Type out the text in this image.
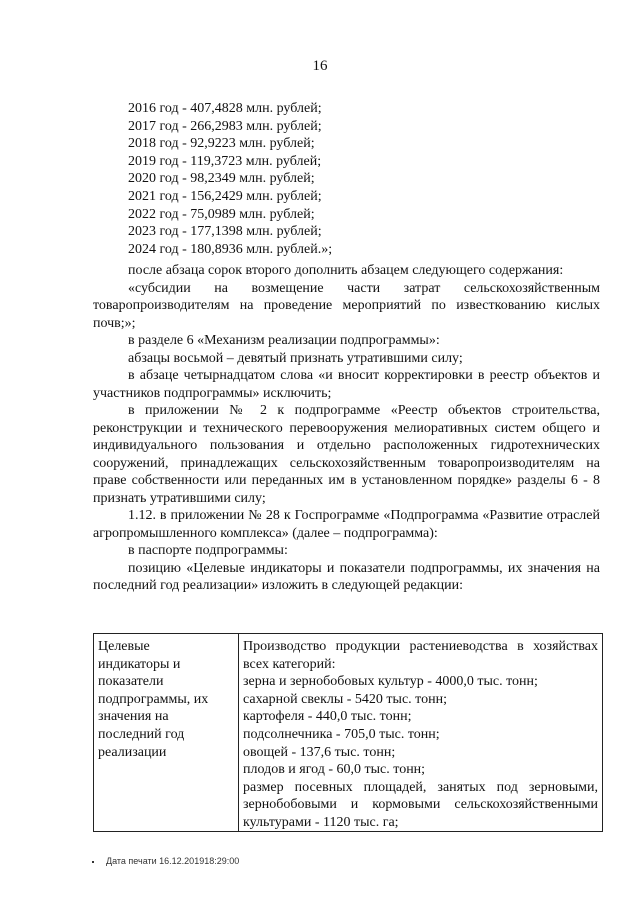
16
2016 год - 407,4828 млн. рублей;
2017 год - 266,2983 млн. рублей;
2018 год - 92,9223 млн. рублей;
2019 год - 119,3723 млн. рублей;
2020 год - 98,2349 млн. рублей;
2021 год - 156,2429 млн. рублей;
2022 год - 75,0989 млн. рублей;
2023 год - 177,1398 млн. рублей;
2024 год - 180,8936 млн. рублей.»;

после абзаца сорок второго дополнить абзацем следующего содержания:

«субсидии на возмещение части затрат сельскохозяйственным товаропроизводителям на проведение мероприятий по известкованию кислых почв;»;

в разделе 6 «Механизм реализации подпрограммы»:

абзацы восьмой – девятый признать утратившими силу;

в абзаце четырнадцатом слова «и вносит корректировки в реестр объектов и участников подпрограммы» исключить;

в приложении № 2 к подпрограмме «Реестр объектов строительства, реконструкции и технического перевооружения мелиоративных систем общего и индивидуального пользования и отдельно расположенных гидротехнических сооружений, принадлежащих сельскохозяйственным товаропроизводителям на праве собственности или переданных им в установленном порядке» разделы 6 - 8 признать утратившими силу;

1.12. в приложении № 28 к Госпрограмме «Подпрограмма «Развитие отраслей агропромышленного комплекса» (далее – подпрограмма):

в паспорте подпрограммы:

позицию «Целевые индикаторы и показатели подпрограммы, их значения на последний год реализации» изложить в следующей редакции:

Целевые
индикаторы и
показатели
подпрограммы, их
значения на
последний год
реализации
Производство продукции растениеводства в хозяйствах всех категорий:
зерна и зернобобовых культур - 4000,0 тыс. тонн;
сахарной свеклы - 5420 тыс. тонн;
картофеля - 440,0 тыс. тонн;
подсолнечника - 705,0 тыс. тонн;
овощей - 137,6 тыс. тонн;
плодов и ягод - 60,0 тыс. тонн;
размер посевных площадей, занятых под зерновыми, зернобобовыми и кормовыми сельскохозяйственными культурами - 1120 тыс. га;
Дата печати 16.12.201918:29:00
